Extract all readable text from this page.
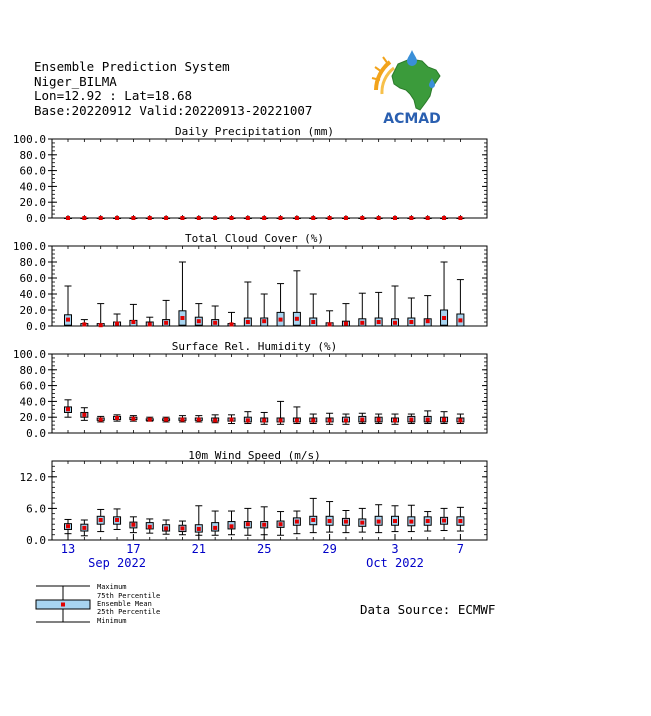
Ensemble Prediction System
Niger_BILMA
Lon=12.92 : Lat=18.68
Base:20220912 Valid:20220913-20221007
ACMAD
Daily Precipitation (mm)
0.0
20.0
40.0
60.0
80.0
100.0
Total Cloud Cover (%)
0.0
20.0
40.0
60.0
80.0
100.0
Surface Rel. Humidity (%)
0.0
20.0
40.0
60.0
80.0
100.0
10m Wind Speed (m/s)
0.0
6.0
12.0
13	17	21	25	29	3	7
Sep 2022	Oct 2022
Maximum
75th Percentile
Ensemble Mean
25th Percentile
Minimum
Data Source: ECMWF
